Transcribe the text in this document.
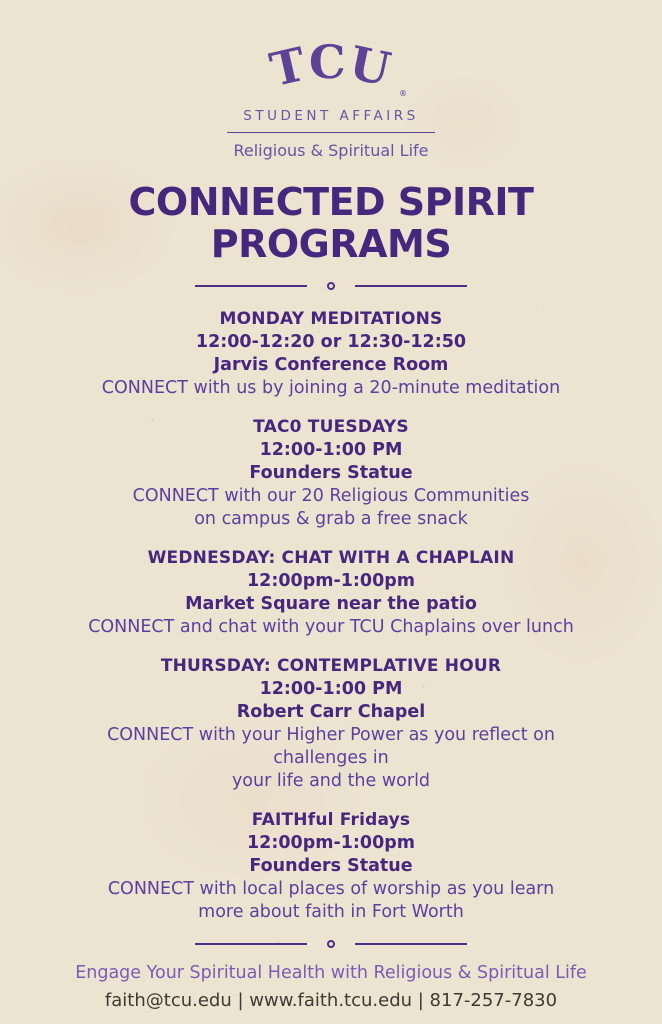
TCU ®
STUDENT AFFAIRS
Religious & Spiritual Life
CONNECTED SPIRIT
PROGRAMS
MONDAY MEDITATIONS
12:00-12:20 or 12:30-12:50
Jarvis Conference Room
CONNECT with us by joining a 20-minute meditation
TAC0 TUESDAYS
12:00-1:00 PM
Founders Statue
CONNECT with our 20 Religious Communities
on campus & grab a free snack
WEDNESDAY: CHAT WITH A CHAPLAIN
12:00pm-1:00pm
Market Square near the patio
CONNECT and chat with your TCU Chaplains over lunch
THURSDAY: CONTEMPLATIVE HOUR
12:00-1:00 PM
Robert Carr Chapel
CONNECT with your Higher Power as you reflect on
challenges in
your life and the world
FAITHful Fridays
12:00pm-1:00pm
Founders Statue
CONNECT with local places of worship as you learn
more about faith in Fort Worth
Engage Your Spiritual Health with Religious & Spiritual Life
faith@tcu.edu | www.faith.tcu.edu | 817-257-7830
